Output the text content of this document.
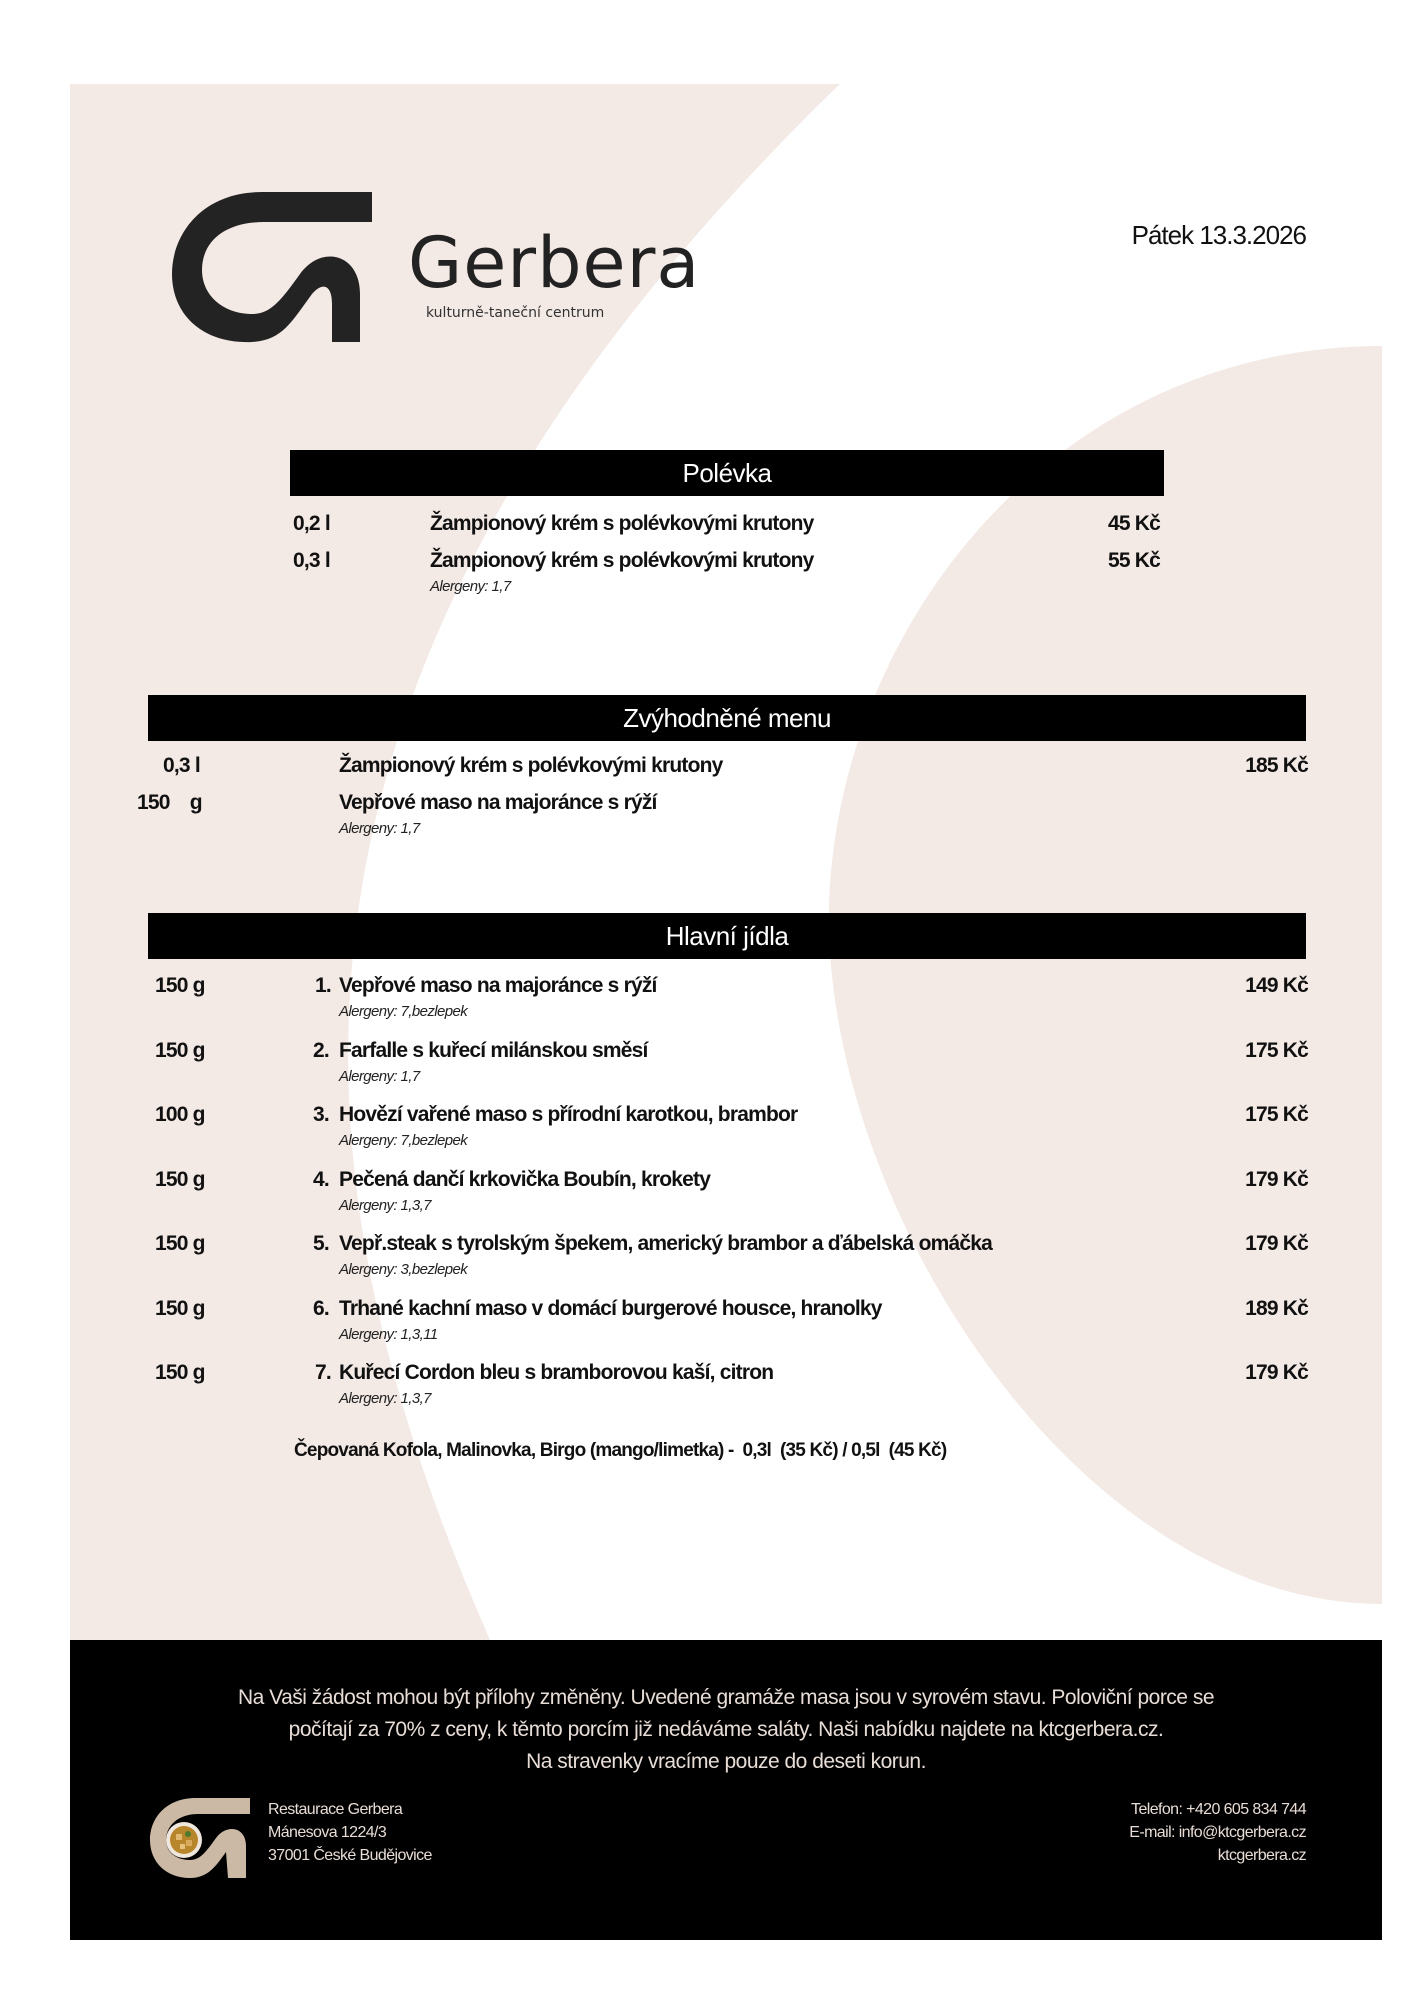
Gerbera
kulturně-taneční centrum
Pátek 13.3.2026
Polévka
0,2 l	Žampionový krém s polévkovými krutony	45 Kč
0,3 l	Žampionový krém s polévkovými krutony	55 Kč
Alergeny: 1,7
Zvýhodněné menu
0,3 l	Žampionový krém s polévkovými krutony	185 Kč
150    g	Vepřové maso na majoránce s rýží
Alergeny: 1,7
Hlavní jídla
150 g	1. Vepřové maso na majoránce s rýží	149 Kč
Alergeny: 7,bezlepek
150 g	2. Farfalle s kuřecí milánskou směsí	175 Kč
Alergeny: 1,7
100 g	3. Hovězí vařené maso s přírodní karotkou, brambor	175 Kč
Alergeny: 7,bezlepek
150 g	4. Pečená dančí krkovička Boubín, krokety	179 Kč
Alergeny: 1,3,7
150 g	5. Vepř.steak s tyrolským špekem, americký brambor a ďábelská omáčka	179 Kč
Alergeny: 3,bezlepek
150 g	6. Trhané kachní maso v domácí burgerové housce, hranolky	189 Kč
Alergeny: 1,3,11
150 g	7. Kuřecí Cordon bleu s bramborovou kaší, citron	179 Kč
Alergeny: 1,3,7
Čepovaná Kofola, Malinovka, Birgo (mango/limetka) -  0,3l  (35 Kč) / 0,5l  (45 Kč)
Na Vaši žádost mohou být přílohy změněny. Uvedené gramáže masa jsou v syrovém stavu. Poloviční porce se
počítají za 70% z ceny, k těmto porcím již nedáváme saláty. Naši nabídku najdete na ktcgerbera.cz.
Na stravenky vracíme pouze do deseti korun.
Restaurace Gerbera
Mánesova 1224/3
37001 České Budějovice
Telefon: +420 605 834 744
E-mail: info@ktcgerbera.cz
ktcgerbera.cz
